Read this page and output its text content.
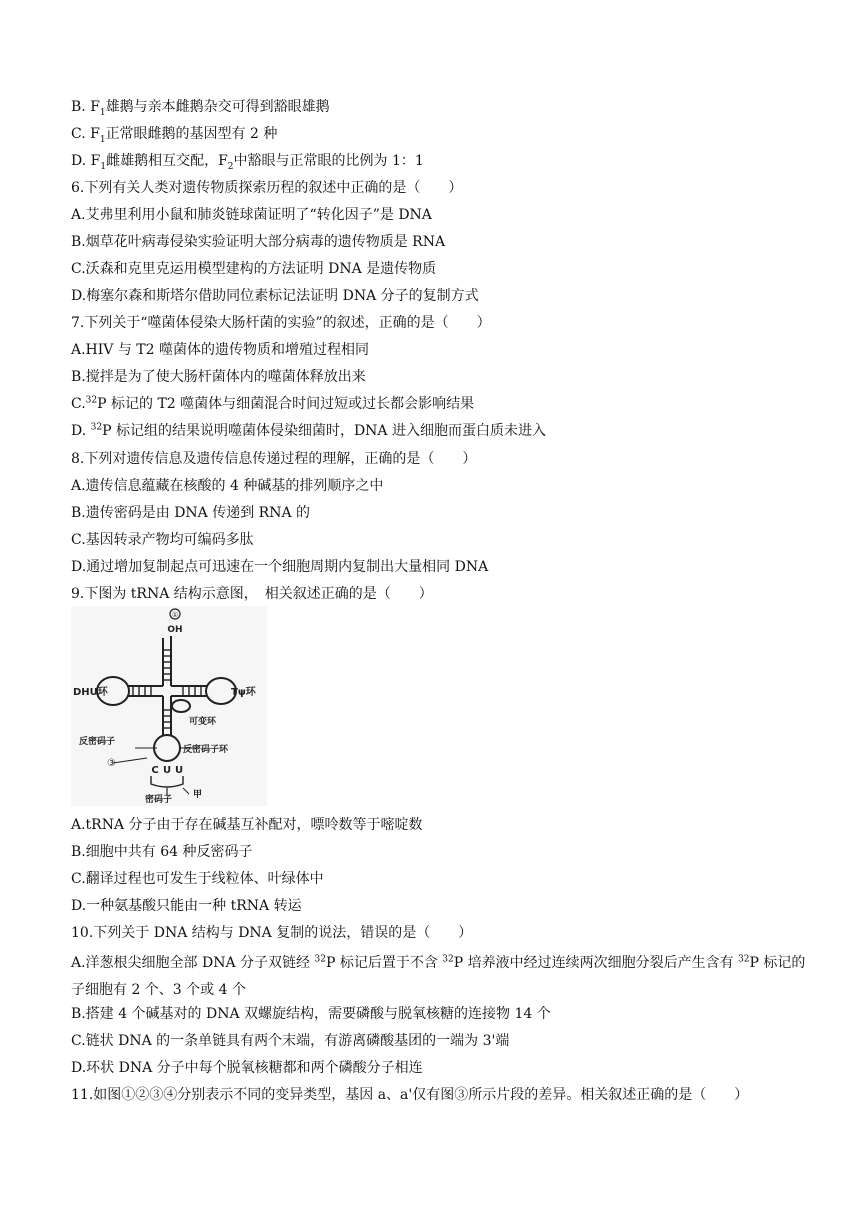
B. $F_1$雄鹅与亲本雌鹅杂交可得到豁眼雄鹅
C. $F_1$正常眼雌鹅的基因型有 2 种
D. $F_1$雌雄鹅相互交配，$F_2$中豁眼与正常眼的比例为 1：1
6.下列有关人类对遗传物质探索历程的叙述中正确的是（　　）
A.艾弗里利用小鼠和肺炎链球菌证明了“转化因子”是 DNA
B.烟草花叶病毒侵染实验证明大部分病毒的遗传物质是 RNA
C.沃森和克里克运用模型建构的方法证明 DNA 是遗传物质
D.梅塞尔森和斯塔尔借助同位素标记法证明 DNA 分子的复制方式
7.下列关于“噬菌体侵染大肠杆菌的实验”的叙述，正确的是（　　）
A.HIV 与 T2 噬菌体的遗传物质和增殖过程相同
B.搅拌是为了使大肠杆菌体内的噬菌体释放出来
C.$^{32}$P 标记的 T2 噬菌体与细菌混合时间过短或过长都会影响结果
D. $^{32}$P 标记组的结果说明噬菌体侵染细菌时，DNA 进入细胞而蛋白质未进入
8.下列对遗传信息及遗传信息传递过程的理解，正确的是（　　）
A.遗传信息蕴藏在核酸的 4 种碱基的排列顺序之中
B.遗传密码是由 DNA 传递到 RNA 的
C.基因转录产物均可编码多肽
D.通过增加复制起点可迅速在一个细胞周期内复制出大量相同 DNA
9.下图为 tRNA 结构示意图，　相关叙述正确的是（　　）
①
OH
DHU环	Tψ环
可变环
反密码子
反密码子环
③
C U U
密码子 甲
A.tRNA 分子由于存在碱基互补配对，嘌呤数等于嘧啶数
B.细胞中共有 64 种反密码子
C.翻译过程也可发生于线粒体、叶绿体中
D.一种氨基酸只能由一种 tRNA 转运
10.下列关于 DNA 结构与 DNA 复制的说法，错误的是（　　）
A.洋葱根尖细胞全部 DNA 分子双链经 $^{32}$P 标记后置于不含 $^{32}$P 培养液中经过连续两次细胞分裂后产生含有 $^{32}$P 标记的子细胞有 2 个、3 个或 4 个
B.搭建 4 个碱基对的 DNA 双螺旋结构，需要磷酸与脱氧核糖的连接物 14 个
C.链状 DNA 的一条单链具有两个末端，有游离磷酸基团的一端为 3'端
D.环状 DNA 分子中每个脱氧核糖都和两个磷酸分子相连
11.如图①②③④分别表示不同的变异类型，基因 a、a'仅有图③所示片段的差异。相关叙述正确的是（　　）
